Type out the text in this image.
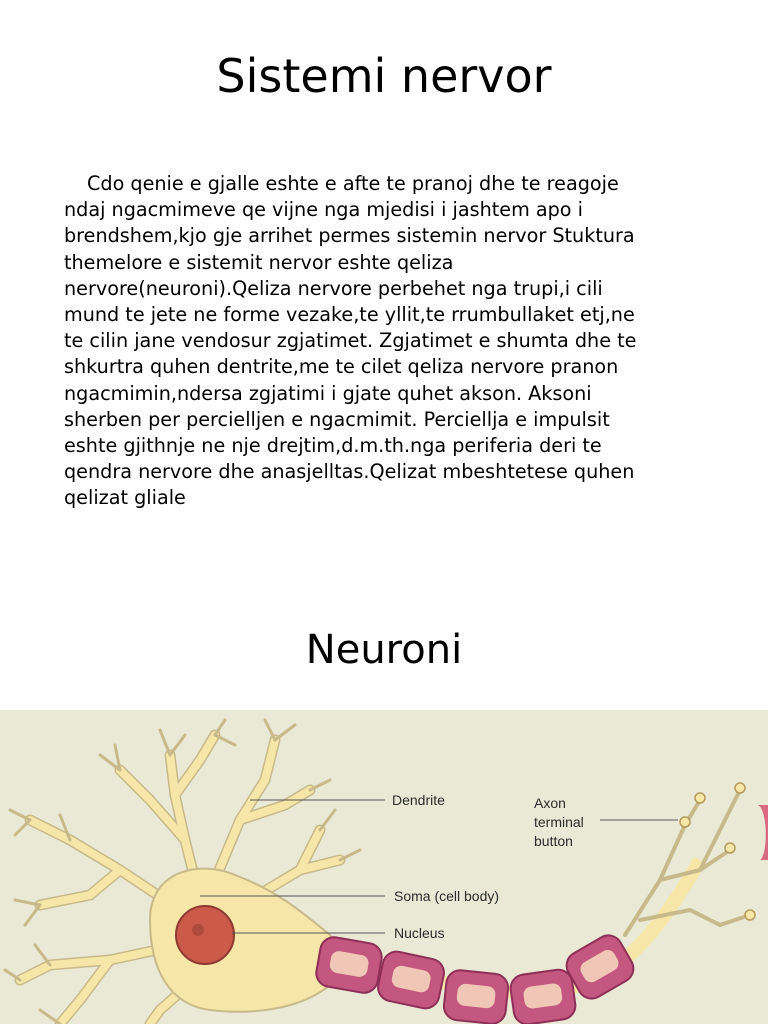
Sistemi nervor

Cdo qenie e gjalle eshte e afte te pranoj dhe te reagoje
ndaj ngacmimeve qe vijne nga mjedisi i jashtem apo i
brendshem,kjo gje arrihet permes sistemin nervor Stuktura
themelore e sistemit nervor eshte qeliza
nervore(neuroni).Qeliza nervore perbehet nga trupi,i cili
mund te jete ne forme vezake,te yllit,te rrumbullaket etj,ne
te cilin jane vendosur zgjatimet. Zgjatimet e shumta dhe te
shkurtra quhen dentrite,me te cilet qeliza nervore pranon
ngacmimin,ndersa zgjatimi i gjate quhet akson. Aksoni
sherben per percielljen e ngacmimit. Perciellja e impulsit
eshte gjithnje ne nje drejtim,d.m.th.nga periferia deri te
qendra nervore dhe anasjelltas.Qelizat mbeshtetese quhen
qelizat gliale

Neuroni
Dendrite
Soma (cell body)
Nucleus
Axon
terminal
button
